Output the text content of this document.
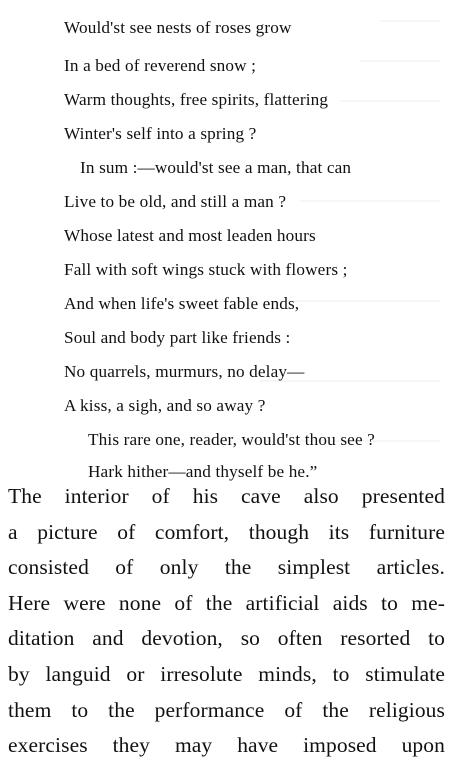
Would'st see nests of roses grow
In a bed of reverend snow ;
Warm thoughts, free spirits, flattering
Winter's self into a spring ?
In sum :—would'st see a man, that can
Live to be old, and still a man ?
Whose latest and most leaden hours
Fall with soft wings stuck with flowers ;
And when life's sweet fable ends,
Soul and body part like friends :
No quarrels, murmurs, no delay—
A kiss, a sigh, and so away ?
This rare one, reader, would'st thou see ?
Hark hither—and thyself be he.”
The interior of his cave also presented
a picture of comfort, though its furniture
consisted of only the simplest articles.
Here were none of the artificial aids to me-
ditation and devotion, so often resorted to
by languid or irresolute minds, to stimulate
them to the performance of the religious
exercises they may have imposed upon
